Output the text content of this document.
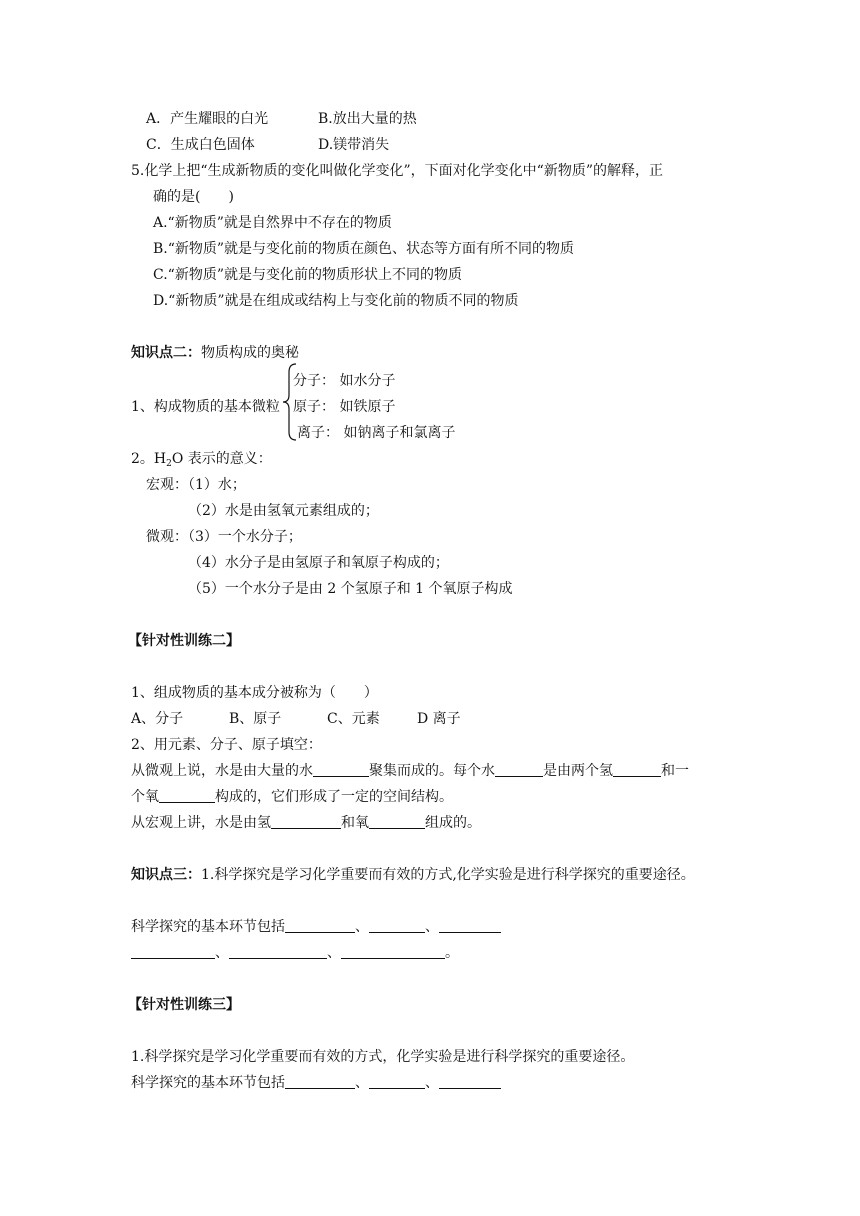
A．产生耀眼的白光	B.放出大量的热
C．生成白色固体	D.镁带消失
5.化学上把“生成新物质的变化叫做化学变化”，下面对化学变化中“新物质”的解释，正
确的是(　　)
A.“新物质”就是自然界中不存在的物质
B.“新物质”就是与变化前的物质在颜色、状态等方面有所不同的物质
C.“新物质”就是与变化前的物质形状上不同的物质
D.“新物质”就是在组成或结构上与变化前的物质不同的物质
知识点二：物质构成的奥秘
1、构成物质的基本微粒
分子： 如水分子
原子： 如铁原子
离子： 如钠离子和氯离子
2。$H_2O$ 表示的意义：
宏观：（1）水；
（2）水是由氢氧元素组成的；
微观：（3）一个水分子；
（4）水分子是由氢原子和氧原子构成的；
（5）一个水分子是由 2 个氢原子和 1 个氧原子构成
【针对性训练二】
1、组成物质的基本成分被称为（　　）
A、分子	B、原子	C、元素	D 离子
2、用元素、分子、原子填空：
从微观上说，水是由大量的水	聚集而成的。每个水	是由两个氢	和一
个氧	构成的，它们形成了一定的空间结构。
从宏观上讲，水是由氢	和氧	组成的。
知识点三：1.科学探究是学习化学重要而有效的方式,化学实验是进行科学探究的重要途径。
科学探究的基本环节包括	、	、
、	、	。
【针对性训练三】
1.科学探究是学习化学重要而有效的方式，化学实验是进行科学探究的重要途径。
科学探究的基本环节包括	、	、
